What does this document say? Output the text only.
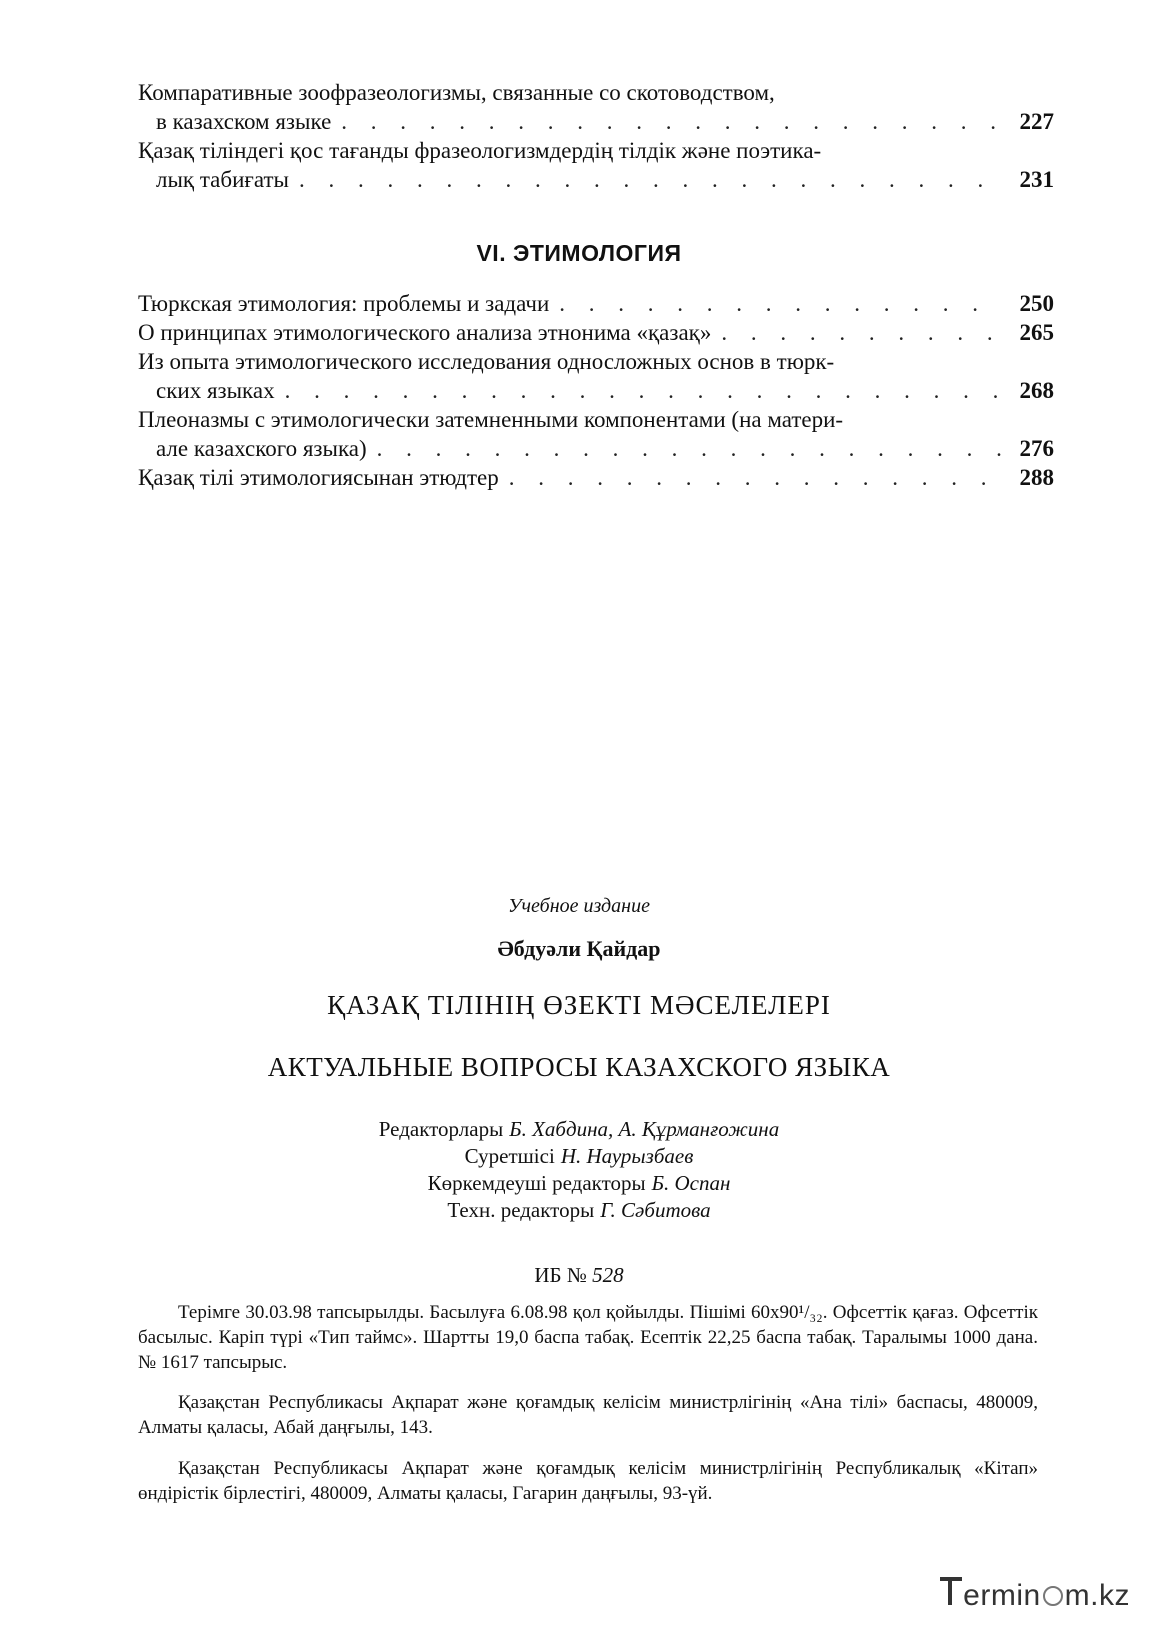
Компаративные зоофразеологизмы, связанные со скотоводством,
в казахском языке . . .	227
Қазақ тіліндегі қос тағанды фразеологизмдердің тілдік және поэтика-
лық табиғаты . . .	231
VI. ЭТИМОЛОГИЯ
Тюркская этимология: проблемы и задачи . . .	250
О принципах этимологического анализа этнонима «қазақ» . . .	265
Из опыта этимологического исследования односложных основ в тюрк-
ских языках . . .	268
Плеоназмы с этимологически затемненными компонентами (на матери-
але казахского языка) . . .	276
Қазақ тілі этимологиясынан этюдтер . . .	288
Учебное издание
Әбдуәли Қайдар
ҚАЗАҚ ТІЛІНІҢ ӨЗЕКТІ МӘСЕЛЕЛЕРІ
АКТУАЛЬНЫЕ ВОПРОСЫ КАЗАХСКОГО ЯЗЫКА
Редакторлары Б. Хабдина, А. Құрманғожина
Суретшісі Н. Наурызбаев
Көркемдеуші редакторы Б. Оспан
Техн. редакторы Г. Сәбитова
ИБ № 528

Терімге 30.03.98 тапсырылды. Басылуға 6.08.98 қол қойылды. Пішімі 60х90¹/₃₂. Офсеттік қағаз. Офсеттік басылыс. Каріп түрі «Тип таймс». Шартты 19,0 баспа табақ. Есептік 22,25 баспа табақ. Таралымы 1000 дана. № 1617 тапсырыс.

Қазақстан Республикасы Ақпарат және қоғамдық келісім министрлігінің «Ана тілі» баспасы, 480009, Алматы қаласы, Абай даңғылы, 143.

Қазақстан Республикасы Ақпарат және қоғамдық келісім министрлігінің Республикалық «Кітап» өндірістік бірлестігі, 480009, Алматы қаласы, Гагарин даңғылы, 93-үй.

ermin m.kz
